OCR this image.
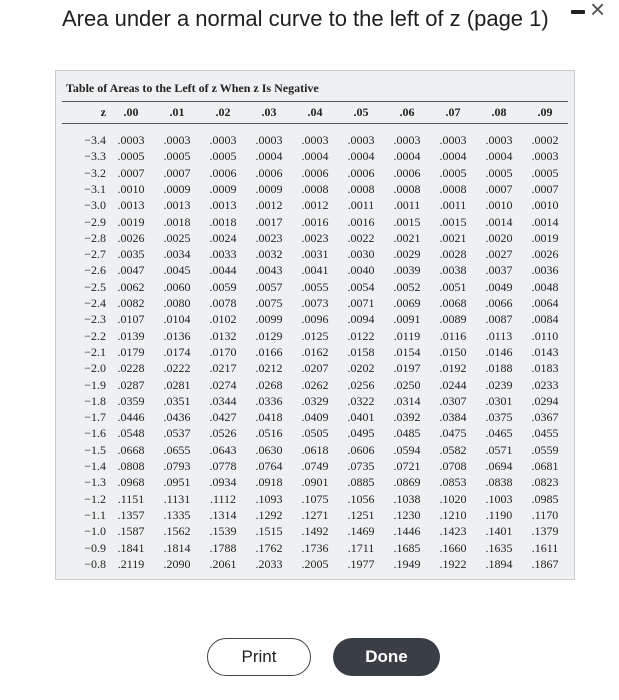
Area under a normal curve to the left of z (page 1) ×
Table of Areas to the Left of z When z Is Negative
z	.00	.01	.02	.03	.04	.05	.06	.07	.08	.09
−3.4 .0003	.0003	.0003	.0003	.0003	.0003	.0003	.0003	.0003	.0002
−3.3 .0005	.0005	.0005	.0004	.0004	.0004	.0004	.0004	.0004	.0003
−3.2 .0007	.0007	.0006	.0006	.0006	.0006	.0006	.0005	.0005	.0005
−3.1 .0010	.0009	.0009	.0009	.0008	.0008	.0008	.0008	.0007	.0007
−3.0 .0013	.0013	.0013	.0012	.0012	.0011	.0011	.0011	.0010	.0010
−2.9 .0019	.0018	.0018	.0017	.0016	.0016	.0015	.0015	.0014	.0014
−2.8 .0026	.0025	.0024	.0023	.0023	.0022	.0021	.0021	.0020	.0019
−2.7 .0035	.0034	.0033	.0032	.0031	.0030	.0029	.0028	.0027	.0026
−2.6 .0047	.0045	.0044	.0043	.0041	.0040	.0039	.0038	.0037	.0036
−2.5 .0062	.0060	.0059	.0057	.0055	.0054	.0052	.0051	.0049	.0048
−2.4 .0082	.0080	.0078	.0075	.0073	.0071	.0069	.0068	.0066	.0064
−2.3 .0107	.0104	.0102	.0099	.0096	.0094	.0091	.0089	.0087	.0084
−2.2 .0139	.0136	.0132	.0129	.0125	.0122	.0119	.0116	.0113	.0110
−2.1 .0179	.0174	.0170	.0166	.0162	.0158	.0154	.0150	.0146	.0143
−2.0 .0228	.0222	.0217	.0212	.0207	.0202	.0197	.0192	.0188	.0183
−1.9 .0287	.0281	.0274	.0268	.0262	.0256	.0250	.0244	.0239	.0233
−1.8 .0359	.0351	.0344	.0336	.0329	.0322	.0314	.0307	.0301	.0294
−1.7 .0446	.0436	.0427	.0418	.0409	.0401	.0392	.0384	.0375	.0367
−1.6 .0548	.0537	.0526	.0516	.0505	.0495	.0485	.0475	.0465	.0455
−1.5 .0668	.0655	.0643	.0630	.0618	.0606	.0594	.0582	.0571	.0559
−1.4 .0808	.0793	.0778	.0764	.0749	.0735	.0721	.0708	.0694	.0681
−1.3 .0968	.0951	.0934	.0918	.0901	.0885	.0869	.0853	.0838	.0823
−1.2 .1151	.1131	.1112	.1093	.1075	.1056	.1038	.1020	.1003	.0985
−1.1 .1357	.1335	.1314	.1292	.1271	.1251	.1230	.1210	.1190	.1170
−1.0 .1587	.1562	.1539	.1515	.1492	.1469	.1446	.1423	.1401	.1379
−0.9 .1841	.1814	.1788	.1762	.1736	.1711	.1685	.1660	.1635	.1611
−0.8 .2119	.2090	.2061	.2033	.2005	.1977	.1949	.1922	.1894	.1867
Print	Done
